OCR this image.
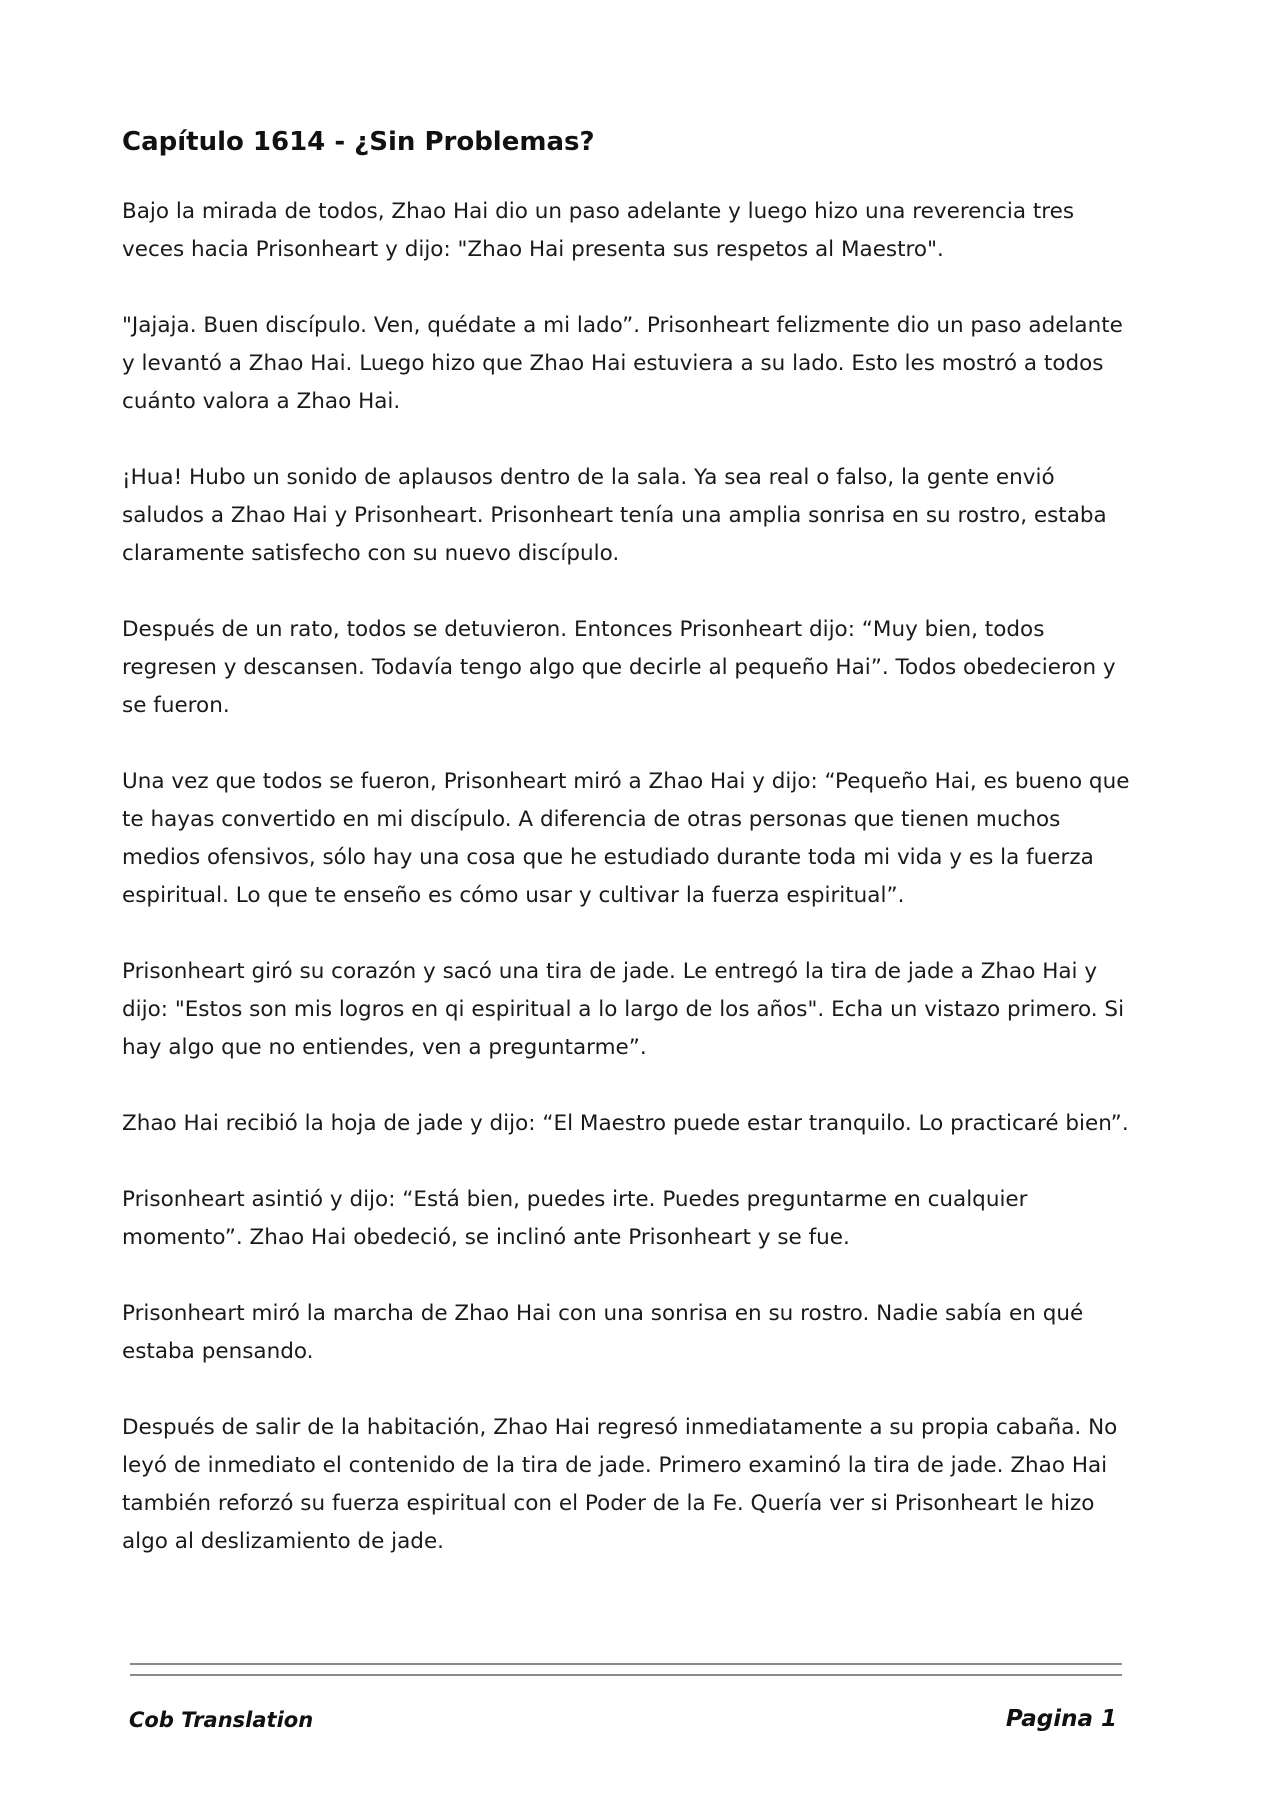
Capítulo 1614 - ¿Sin Problemas?

Bajo la mirada de todos, Zhao Hai dio un paso adelante y luego hizo una reverencia tres veces hacia Prisonheart y dijo: "Zhao Hai presenta sus respetos al Maestro".

"Jajaja. Buen discípulo. Ven, quédate a mi lado”. Prisonheart felizmente dio un paso adelante y levantó a Zhao Hai. Luego hizo que Zhao Hai estuviera a su lado. Esto les mostró a todos cuánto valora a Zhao Hai.

¡Hua! Hubo un sonido de aplausos dentro de la sala. Ya sea real o falso, la gente envió saludos a Zhao Hai y Prisonheart. Prisonheart tenía una amplia sonrisa en su rostro, estaba claramente satisfecho con su nuevo discípulo.

Después de un rato, todos se detuvieron. Entonces Prisonheart dijo: “Muy bien, todos regresen y descansen. Todavía tengo algo que decirle al pequeño Hai”. Todos obedecieron y se fueron.

Una vez que todos se fueron, Prisonheart miró a Zhao Hai y dijo: “Pequeño Hai, es bueno que te hayas convertido en mi discípulo. A diferencia de otras personas que tienen muchos medios ofensivos, sólo hay una cosa que he estudiado durante toda mi vida y es la fuerza espiritual. Lo que te enseño es cómo usar y cultivar la fuerza espiritual”.

Prisonheart giró su corazón y sacó una tira de jade. Le entregó la tira de jade a Zhao Hai y dijo: "Estos son mis logros en qi espiritual a lo largo de los años". Echa un vistazo primero. Si hay algo que no entiendes, ven a preguntarme”.

Zhao Hai recibió la hoja de jade y dijo: “El Maestro puede estar tranquilo. Lo practicaré bien”.

Prisonheart asintió y dijo: “Está bien, puedes irte. Puedes preguntarme en cualquier momento”. Zhao Hai obedeció, se inclinó ante Prisonheart y se fue.

Prisonheart miró la marcha de Zhao Hai con una sonrisa en su rostro. Nadie sabía en qué estaba pensando.

Después de salir de la habitación, Zhao Hai regresó inmediatamente a su propia cabaña. No leyó de inmediato el contenido de la tira de jade. Primero examinó la tira de jade. Zhao Hai también reforzó su fuerza espiritual con el Poder de la Fe. Quería ver si Prisonheart le hizo algo al deslizamiento de jade.

Cob Translation	Pagina 1
